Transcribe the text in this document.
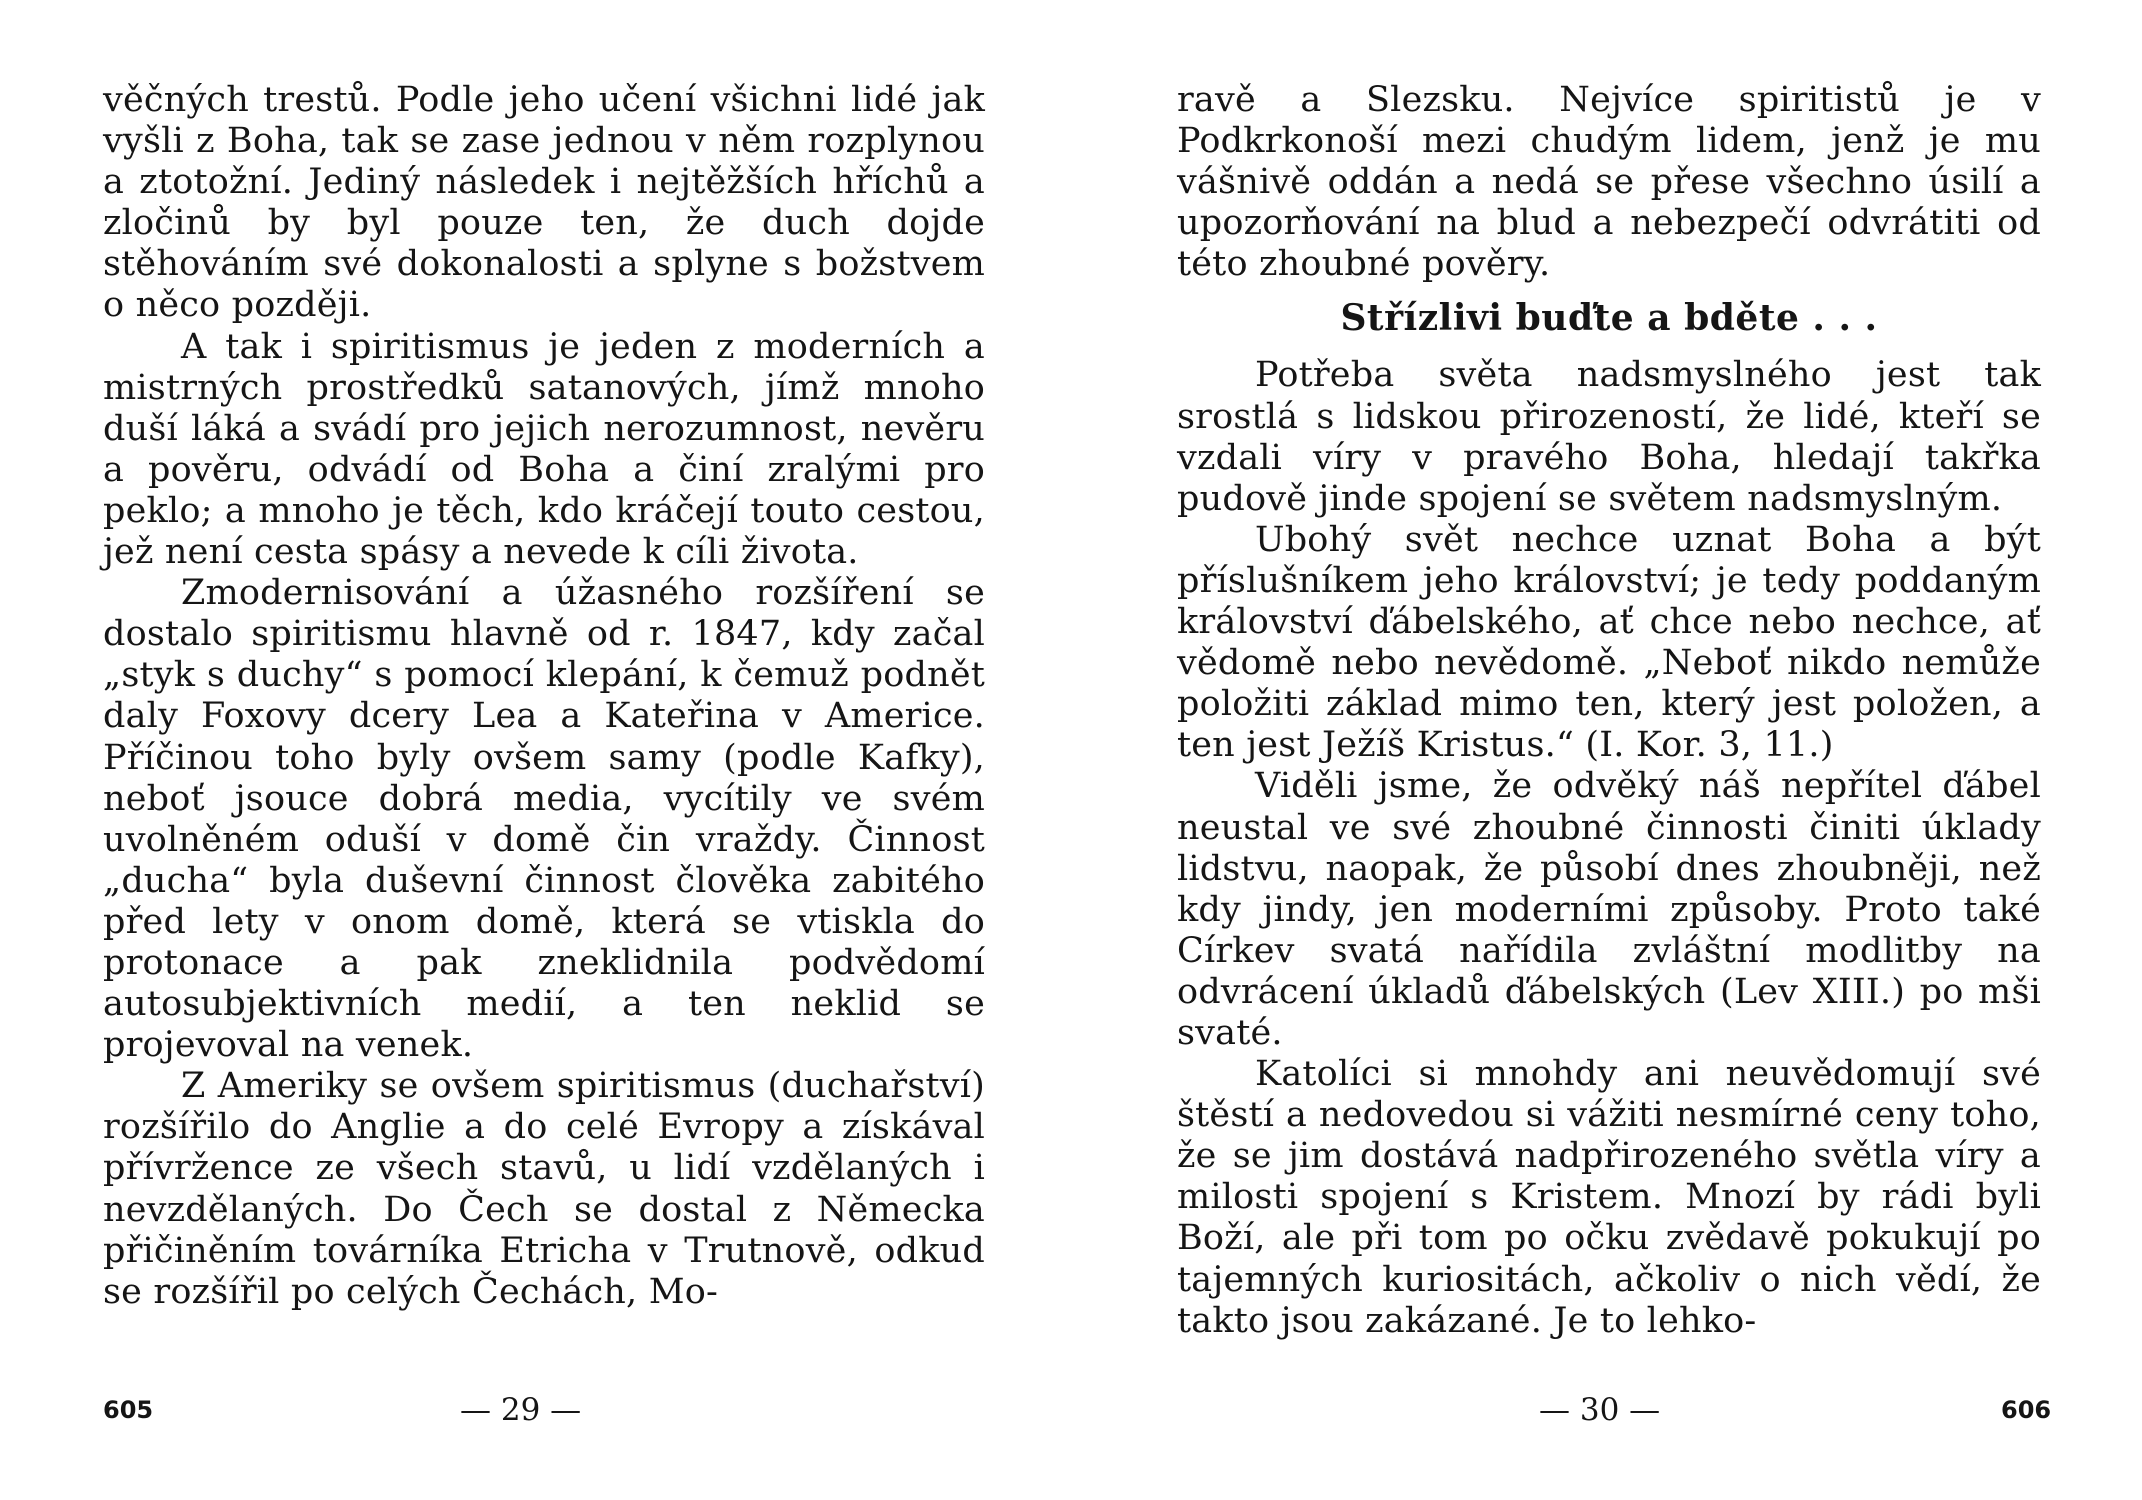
věčných trestů. Podle jeho učení všichni lidé jak vyšli z Boha, tak se zase jednou v něm rozplynou a ztotožní. Jediný následek i nejtěžších hříchů a zločinů by byl pouze ten, že duch dojde stěhováním své dokonalosti a splyne s božstvem o něco později.

A tak i spiritismus je jeden z moderních a mistrných prostředků satanových, jímž mnoho duší láká a svádí pro jejich nerozumnost, nevěru a pověru, odvádí od Boha a činí zralými pro peklo; a mnoho je těch, kdo kráčejí touto cestou, jež není cesta spásy a nevede k cíli života.

Zmodernisování a úžasného rozšíření se dostalo spiritismu hlavně od r. 1847, kdy začal „styk s duchy“ s pomocí klepání, k čemuž podnět daly Foxovy dcery Lea a Kateřina v Americe. Příčinou toho byly ovšem samy (podle Kafky), neboť jsouce dobrá media, vycítily ve svém uvolněném oduší v domě čin vraždy. Činnost „ducha“ byla duševní činnost člověka zabitého před lety v onom domě, která se vtiskla do protonace a pak zneklidnila podvědomí autosubjektivních medií, a ten neklid se projevoval na venek.

Z Ameriky se ovšem spiritismus (duchařství) rozšířilo do Anglie a do celé Evropy a získával přívržence ze všech stavů, u lidí vzdělaných i nevzdělaných. Do Čech se dostal z Německa přičiněním továrníka Etricha v Trutnově, odkud se rozšířil po celých Čechách, Mo-

605	— 29 —

ravě a Slezsku. Nejvíce spiritistů je v Podkrkonoší mezi chudým lidem, jenž je mu vášnivě oddán a nedá se přese všechno úsilí a upozorňování na blud a nebezpečí odvrátiti od této zhoubné pověry.

Střízlivi buďte a bděte . . .

Potřeba světa nadsmyslného jest tak srostlá s lidskou přirozeností, že lidé, kteří se vzdali víry v pravého Boha, hledají takřka pudově jinde spojení se světem nadsmyslným.

Ubohý svět nechce uznat Boha a být příslušníkem jeho království; je tedy poddaným království ďábelského, ať chce nebo nechce, ať vědomě nebo nevědomě. „Neboť nikdo nemůže položiti základ mimo ten, který jest položen, a ten jest Ježíš Kristus.“ (I. Kor. 3, 11.)

Viděli jsme, že odvěký náš nepřítel ďábel neustal ve své zhoubné činnosti činiti úklady lidstvu, naopak, že působí dnes zhoubněji, než kdy jindy, jen moderními způsoby. Proto také Církev svatá nařídila zvláštní modlitby na odvrácení úkladů ďábelských (Lev XIII.) po mši svaté.

Katolíci si mnohdy ani neuvědomují své štěstí a nedovedou si vážiti nesmírné ceny toho, že se jim dostává nadpřirozeného světla víry a milosti spojení s Kristem. Mnozí by rádi byli Boží, ale při tom po očku zvědavě pokukují po tajemných kuriositách, ačkoliv o nich vědí, že takto jsou zakázané. Je to lehko-

— 30 —	606
